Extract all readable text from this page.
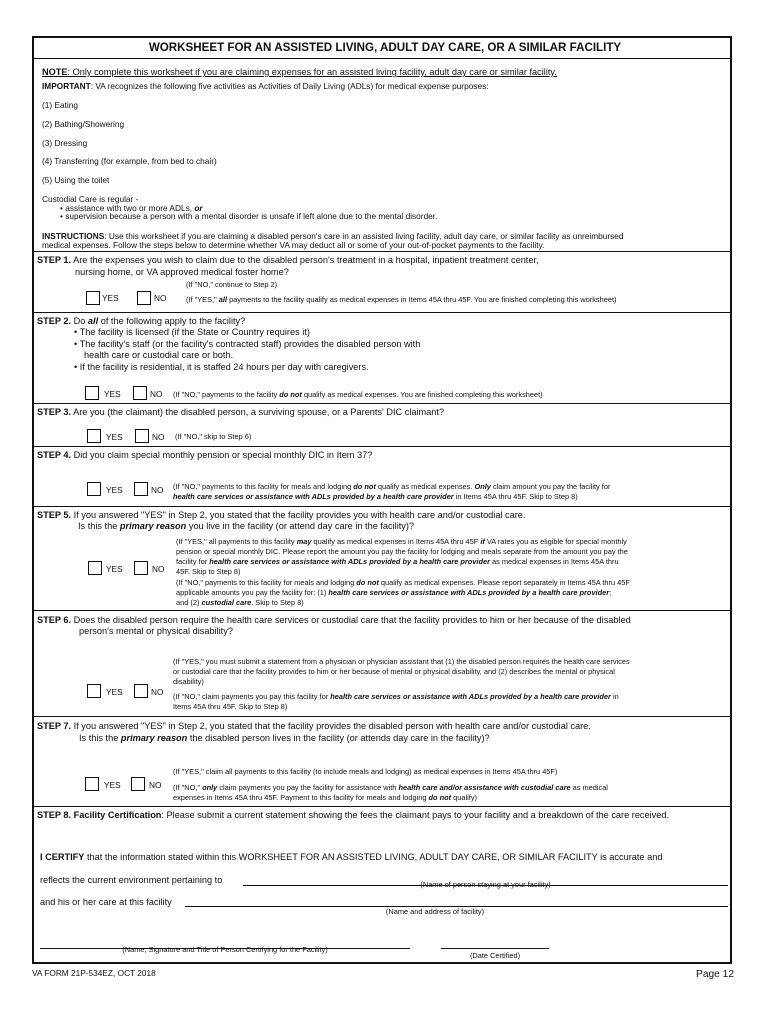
WORKSHEET FOR AN ASSISTED LIVING, ADULT DAY CARE, OR A SIMILAR FACILITY
NOTE: Only complete this worksheet if you are claiming expenses for an assisted living facility, adult day care or similar facility.
IMPORTANT: VA recognizes the following five activities as Activities of Daily Living (ADLs) for medical expense purposes:
(1) Eating
(2) Bathing/Showering
(3) Dressing
(4) Transferring (for example, from bed to chair)
(5) Using the toilet
Custodial Care is regular -
• assistance with two or more ADLs, or
• supervision because a person with a mental disorder is unsafe if left alone due to the mental disorder.
INSTRUCTIONS: Use this worksheet if you are claiming a disabled person's care in an assisted living facility, adult day care, or similar facility as unreimbursed
medical expenses. Follow the steps below to determine whether VA may deduct all or some of your out-of-pocket payments to the facility.
STEP 1. Are the expenses you wish to claim due to the disabled person's treatment in a hospital, inpatient treatment center,
nursing home, or VA approved medical foster home?
(If "NO," continue to Step 2)
YES	NO	(If "YES," all payments to the facility qualify as medical expenses in Items 45A thru 45F. You are finished completing this worksheet)
STEP 2. Do all of the following apply to the facility?
• The facility is licensed (if the State or Country requires it)
• The facility's staff (or the facility's contracted staff) provides the disabled person with
health care or custodial care or both.
• If the facility is residential, it is staffed 24 hours per day with caregivers.
YES	NO (If "NO," payments to the facility do not qualify as medical expenses. You are finished completing this worksheet)
STEP 3. Are you (the claimant) the disabled person, a surviving spouse, or a Parents' DIC claimant?
YES	NO (If "NO," skip to Step 6)
STEP 4. Did you claim special monthly pension or special monthly DIC in Item 37?
YES	NO (If "NO," payments to this facility for meals and lodging do not qualify as medical expenses. Only claim amount you pay the facility for
health care services or assistance with ADLs provided by a health care provider in Items 45A thru 45F. Skip to Step 8)
STEP 5. If you answered "YES" in Step 2, you stated that the facility provides you with health care and/or custodial care.
Is this the primary reason you live in the facility (or attend day care in the facility)?
(If "YES," all payments to this facility may qualify as medical expenses in Items 45A thru 45F if VA rates you as eligible for special monthly
pension or special monthly DIC. Please report the amount you pay the facility for lodging and meals separate from the amount you pay the
facility for health care services or assistance with ADLs provided by a health care provider as medical expenses in Items 45A thru
45F. Skip to Step 8)
YES	NO
(If "NO," payments to this facility for meals and lodging do not qualify as medical expenses. Please report separately in Items 45A thru 45F
applicable amounts you pay the facility for: (1) health care services or assistance with ADLs provided by a health care provider;
and (2) custodial care. Skip to Step 8)
STEP 6. Does the disabled person require the health care services or custodial care that the facility provides to him or her because of the disabled
person's mental or physical disability?
(If "YES," you must submit a statement from a physician or physician assistant that (1) the disabled person requires the health care services
or custodial care that the facility provides to him or her because of mental or physical disability, and (2) describes the mental or physical
disability)
YES	NO (If "NO," claim payments you pay this facility for health care services or assistance with ADLs provided by a health care provider in
Items 45A thru 45F. Skip to Step 8)
STEP 7. If you answered "YES" in Step 2, you stated that the facility provides the disabled person with health care and/or custodial care.
Is this the primary reason the disabled person lives in the facility (or attends day care in the facility)?
(If "YES," claim all payments to this facility (to include meals and lodging) as medical expenses in Items 45A thru 45F)
YES	NO (If "NO," only claim payments you pay the facility for assistance with health care and/or assistance with custodial care as medical
expenses in Items 45A thru 45F. Payment to this facility for meals and lodging do not qualify)
STEP 8. Facility Certification: Please submit a current statement showing the fees the claimant pays to your facility and a breakdown of the care received.
I CERTIFY that the information stated within this WORKSHEET FOR AN ASSISTED LIVING, ADULT DAY CARE, OR SIMILAR FACILITY is accurate and
reflects the current environment pertaining to	(Name of person staying at your facility)
and his or her care at this facility	.
(Name and address of facility)
(Name, Signature and Title of Person Certifying for the Facility)
(Date Certified)
VA FORM 21P-534EZ, OCT 2018	Page 12
